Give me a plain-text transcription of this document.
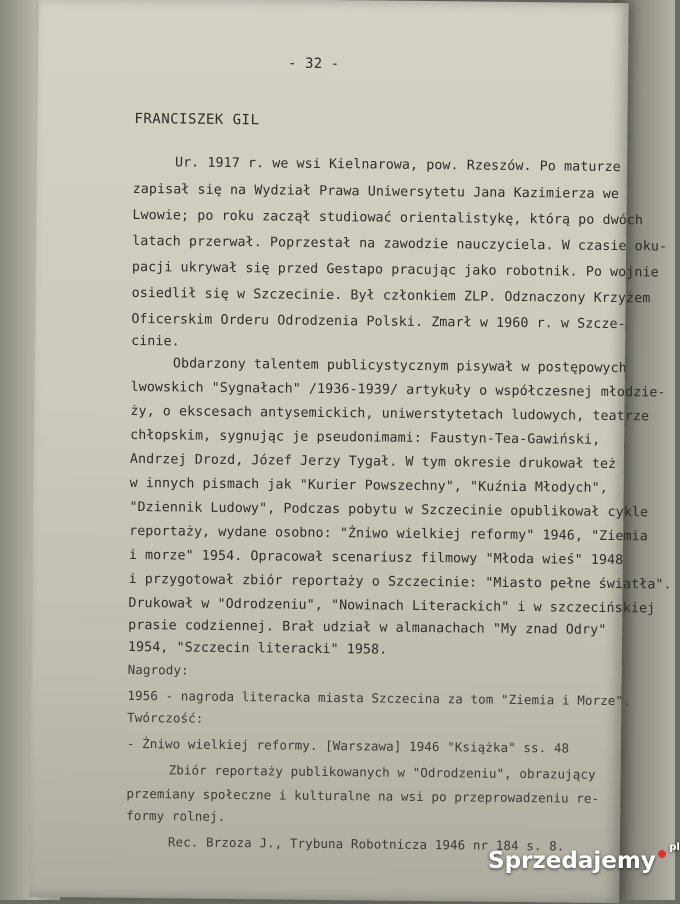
- 32 -
FRANCISZEK GIL
Ur. 1917 r. we wsi Kielnarowa, pow. Rzeszów. Po maturze
zapisał się na Wydział Prawa Uniwersytetu Jana Kazimierza we
Lwowie; po roku zaczął studiować orientalistykę, którą po dwóch
latach przerwał. Poprzestał na zawodzie nauczyciela. W czasie oku-
pacji ukrywał się przed Gestapo pracując jako robotnik. Po wojnie
osiedlił się w Szczecinie. Był członkiem ZLP. Odznaczony Krzyżem
Oficerskim Orderu Odrodzenia Polski. Zmarł w 1960 r. w Szcze-
cinie.
Obdarzony talentem publicystycznym pisywał w postępowych
lwowskich "Sygnałach" /1936-1939/ artykuły o współczesnej młodzie-
ży, o ekscesach antysemickich, uniwerstytetach ludowych, teatrze
chłopskim, sygnując je pseudonimami: Faustyn-Tea-Gawiński,
Andrzej Drozd, Józef Jerzy Tygał. W tym okresie drukował też
w innych pismach jak "Kurier Powszechny", "Kuźnia Młodych",
"Dziennik Ludowy", Podczas pobytu w Szczecinie opublikował cykle
reportaży, wydane osobno: "Żniwo wielkiej reformy" 1946, "Ziemia
i morze" 1954. Opracował scenariusz filmowy "Młoda wieś" 1948
i przygotował zbiór reportaży o Szczecinie: "Miasto pełne światła".
Drukował w "Odrodzeniu", "Nowinach Literackich" i w szczecińskiej
prasie codziennej. Brał udział w almanachach "My znad Odry"
1954, "Szczecin literacki" 1958.
Nagrody:
1956 - nagroda literacka miasta Szczecina za tom "Ziemia i Morze".
Twórczość:
- Żniwo wielkiej reformy. [Warszawa] 1946 "Książka" ss. 48
Zbiór reportaży publikowanych w "Odrodzeniu", obrazujący
przemiany społeczne i kulturalne na wsi po przeprowadzeniu re-
formy rolnej.
Rec. Brzoza J., Trybuna Robotnicza 1946 nr 184 s. 8.
Sprzedajemy
pl
